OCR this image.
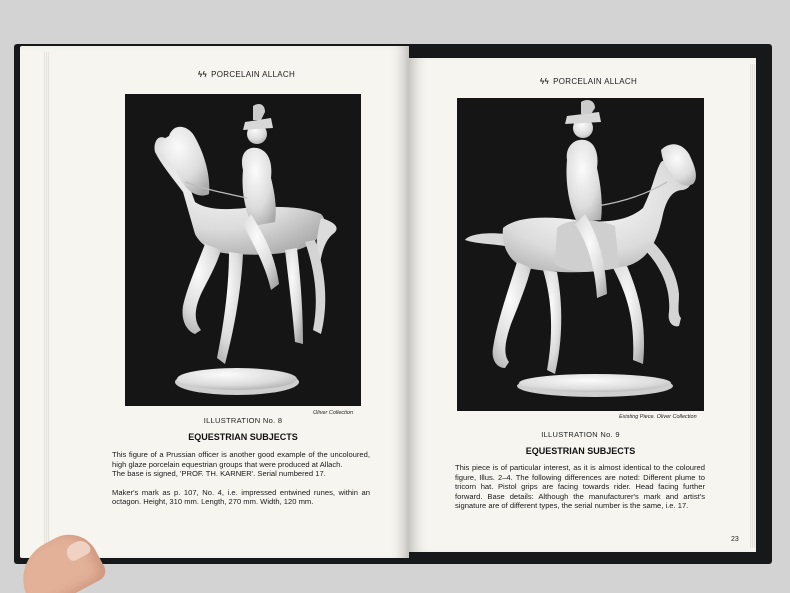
ϟϟ PORCELAIN ALLACH
Oliver Collection
ILLUSTRATION No. 8
EQUESTRIAN SUBJECTS

This figure of a Prussian officer is another good example of the uncoloured, high glaze porcelain equestrian groups that were produced at Allach.

The base is signed, 'PROF. TH. KARNER'. Serial numbered 17.

Maker's mark as p. 107, No. 4, i.e. impressed entwined runes, within an octagon. Height, 310 mm. Length, 270 mm. Width, 120 mm.

ϟϟ PORCELAIN ALLACH
Existing Piece. Oliver Collection
ILLUSTRATION No. 9
EQUESTRIAN SUBJECTS

This piece is of particular interest, as it is almost identical to the coloured figure, Illus. 2–4. The following differences are noted: Different plume to tricorn hat. Pistol grips are facing towards rider. Head facing further forward. Base details: Although the manufacturer's mark and artist's signature are of different types, the serial number is the same, i.e. 17.

23
